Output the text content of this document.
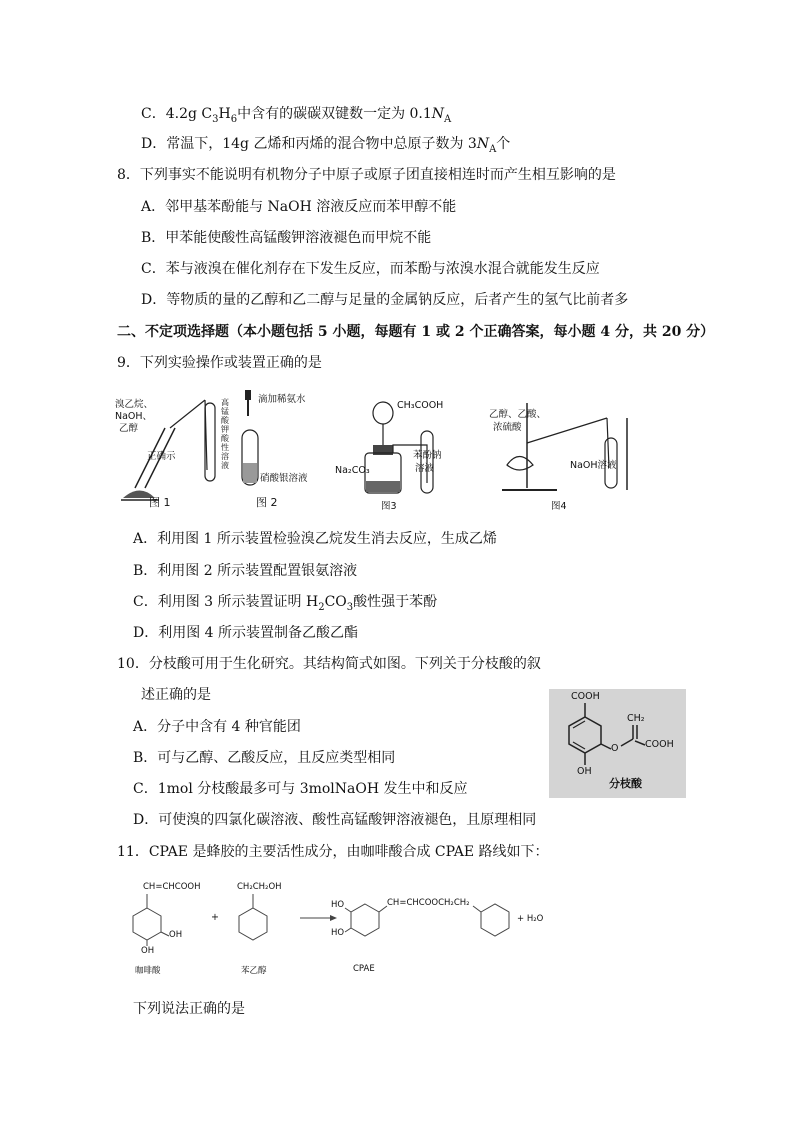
C．4.2g $C_3H_6$中含有的碳碳双键数一定为 $0.1N_A$
D．常温下，14g 乙烯和丙烯的混合物中总原子数为 $3N_A$个
8．下列事实不能说明有机物分子中原子或原子团直接相连时而产生相互影响的是
A．邻甲基苯酚能与 NaOH 溶液反应而苯甲醇不能
B．甲苯能使酸性高锰酸钾溶液褪色而甲烷不能
C．苯与液溴在催化剂存在下发生反应，而苯酚与浓溴水混合就能发生反应
D．等物质的量的乙醇和乙二醇与足量的金属钠反应，后者产生的氢气比前者多
二、不定项选择题（本小题包括 5 小题，每题有 1 或 2 个正确答案，每小题 4 分，共 20 分）
9．下列实验操作或装置正确的是
溴乙烷、
NaOH、
乙醇
正确示
高锰酸钾酸性溶液
图 1
滴加稀氨水
硝酸银溶液
图 2
CH₃COOH
Na₂CO₃
苯酚钠
溶液
图3
乙醇、乙酸、
浓硫酸
NaOH溶液
图4
A．利用图 1 所示装置检验溴乙烷发生消去反应，生成乙烯
B．利用图 2 所示装置配置银氨溶液
C．利用图 3 所示装置证明 $H_2CO_3$酸性强于苯酚
D．利用图 4 所示装置制备乙酸乙酯
10．分枝酸可用于生化研究。其结构简式如图。下列关于分枝酸的叙
述正确的是
A．分子中含有 4 种官能团
B．可与乙醇、乙酸反应，且反应类型相同
C．1mol 分枝酸最多可与 3molNaOH 发生中和反应
D．可使溴的四氯化碳溶液、酸性高锰酸钾溶液褪色，且原理相同
COOH
CH₂
O	COOH
OH
分枝酸
11．CPAE 是蜂胶的主要活性成分，由咖啡酸合成 CPAE 路线如下：
CH=CHCOOH
OH
OH
咖啡酸
+
CH₂CH₂OH
苯乙醇
HO
HO
CH=CHCOOCH₂CH₂
CPAE
+ H₂O
下列说法正确的是
